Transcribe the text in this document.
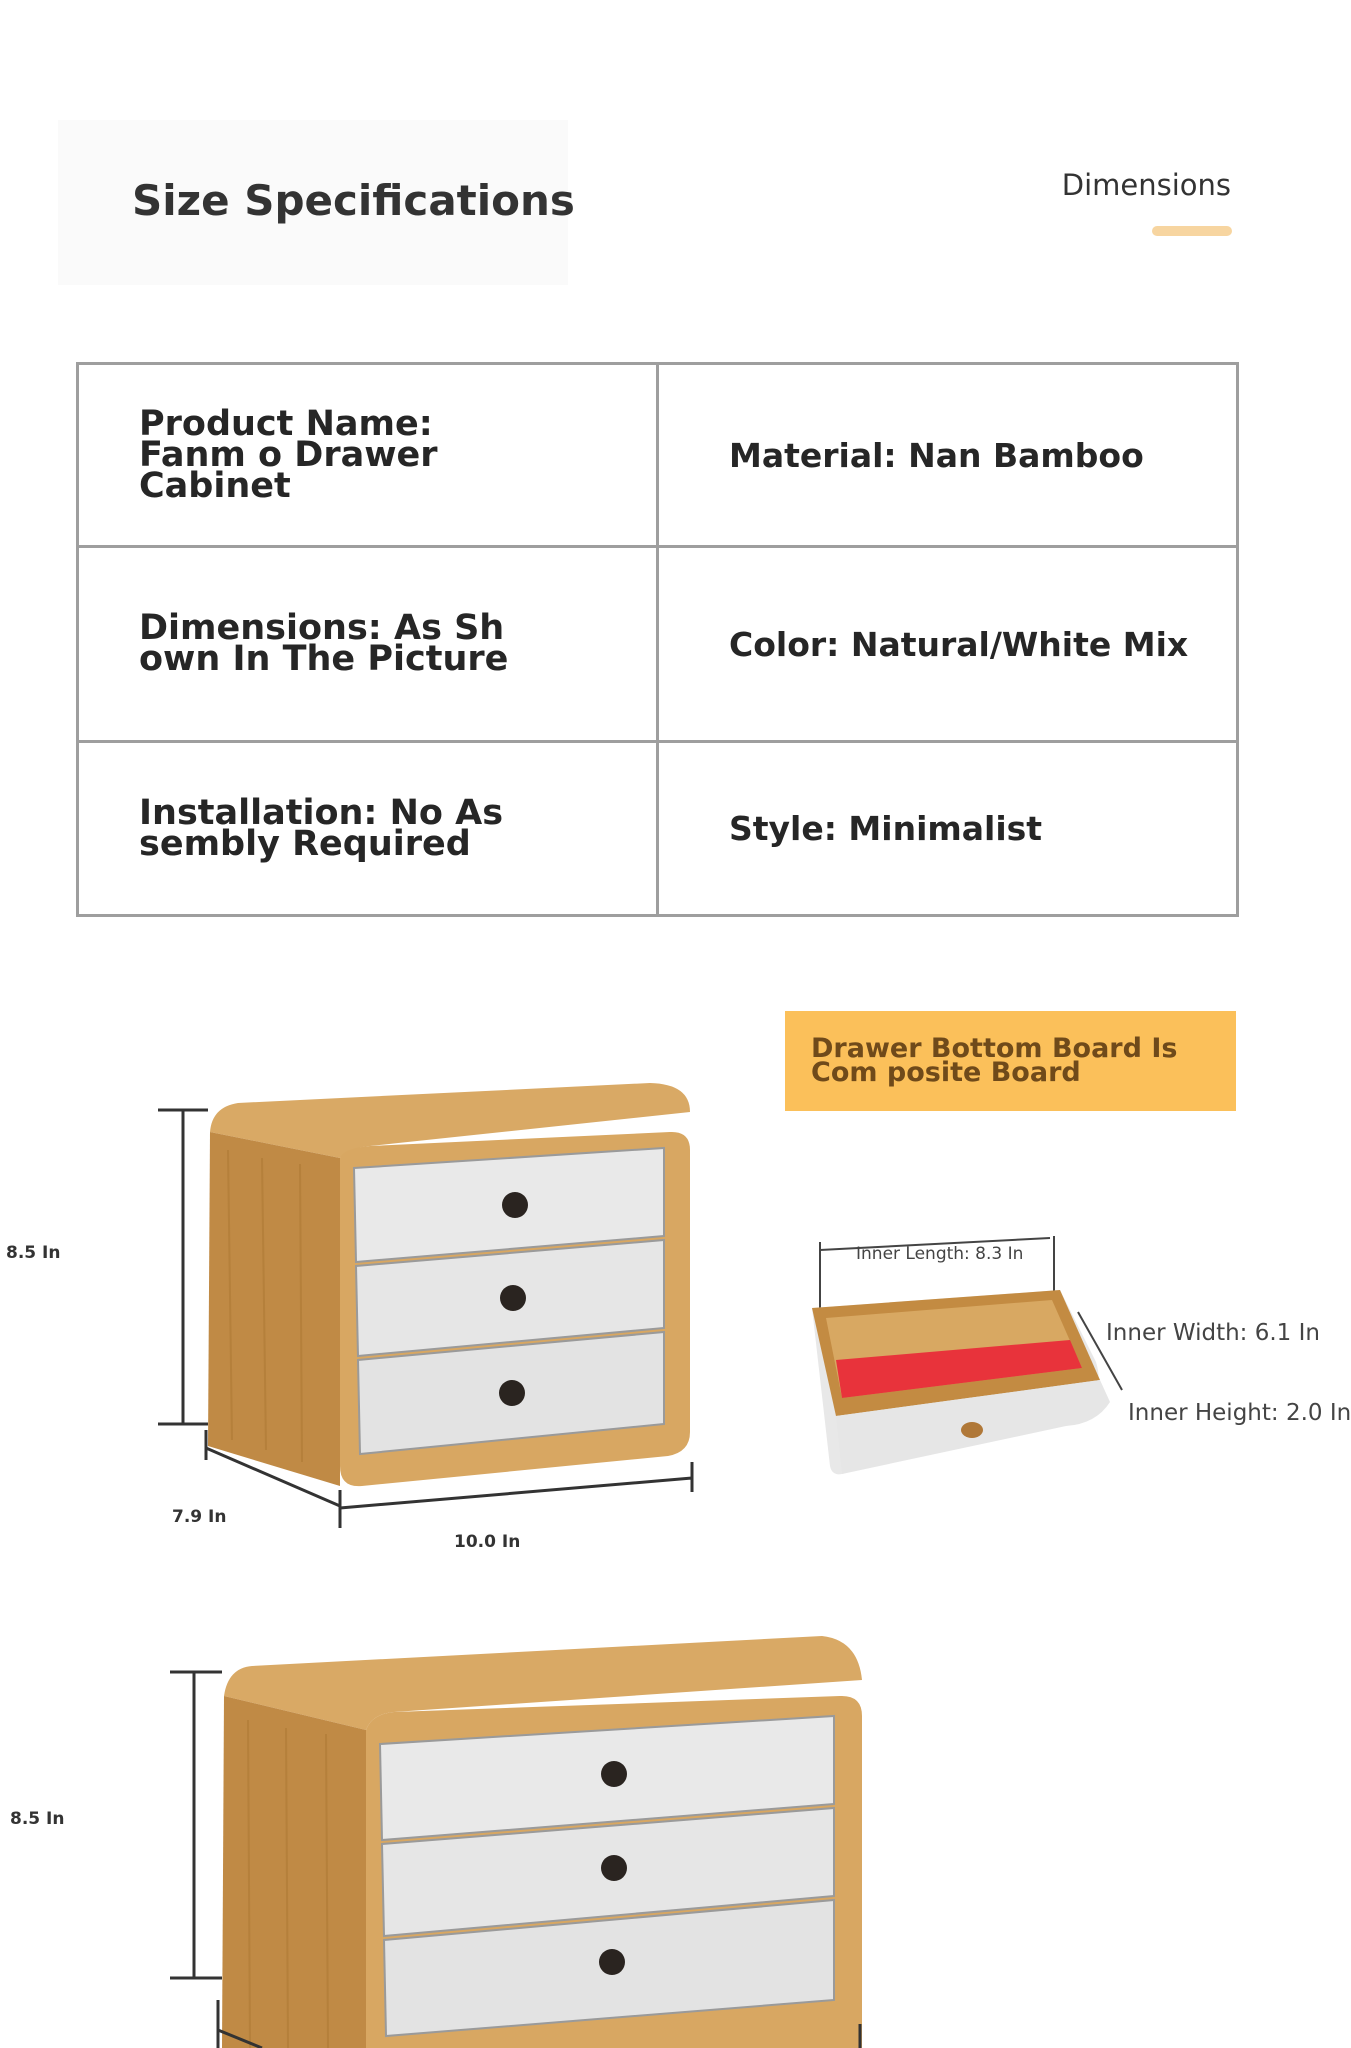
Size Specifications	Dimensions
Product Name: Fanm o Drawer Cabinet	Material: Nan Bamboo
Dimensions: As Sh own In The Picture	Color: Natural/White Mix
Installation: No As sembly Required	Style: Minimalist
Drawer Bottom Board Is Com posite Board
8.5 In
7.9 In
10.0 In
Inner Length: 8.3 In
Inner Width: 6.1 In
Inner Height: 2.0 In
8.5 In
